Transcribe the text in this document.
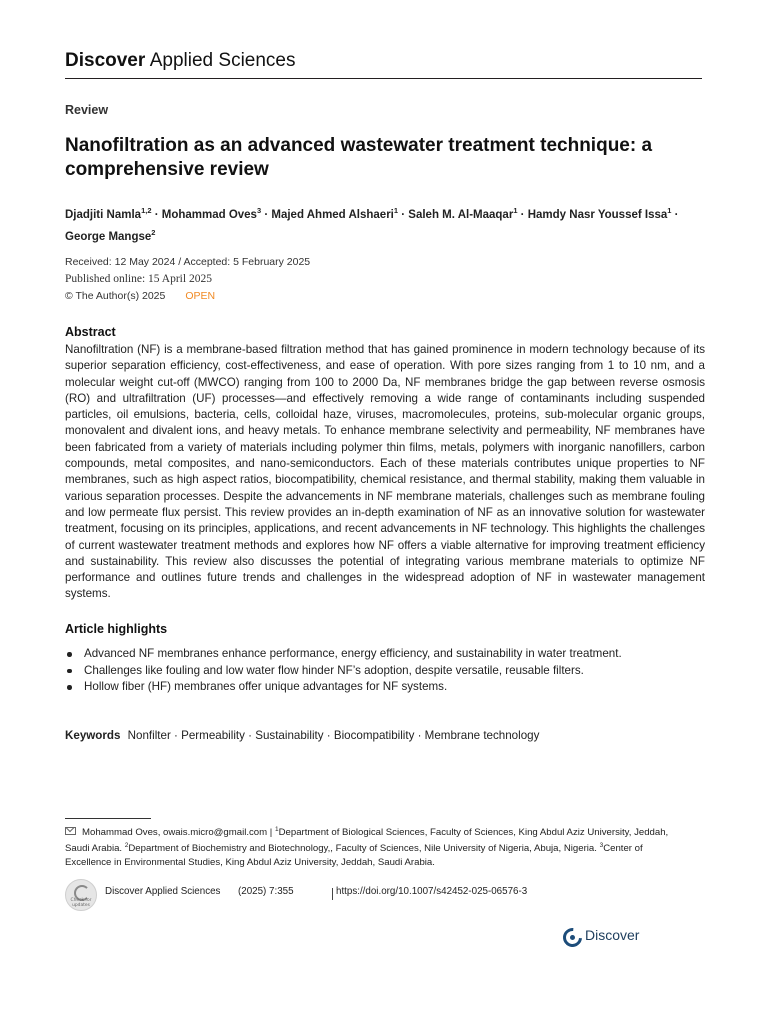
Discover Applied Sciences
Review
Nanofiltration as an advanced wastewater treatment technique: a comprehensive review
Djadjiti Namla$^{1,2}$ · Mohammad Oves$^3$ · Majed Ahmed Alshaeri$^1$ · Saleh M. Al-Maaqar$^1$ · Hamdy Nasr Youssef Issa$^1$ ·
George Mangse$^2$
Received: 12 May 2024 / Accepted: 5 February 2025
Published online: 15 April 2025
© The Author(s) 2025 OPEN
Abstract

Nanofiltration (NF) is a membrane-based filtration method that has gained prominence in modern technology because of its superior separation efficiency, cost-effectiveness, and ease of operation. With pore sizes ranging from 1 to 10 nm, and a molecular weight cut-off (MWCO) ranging from 100 to 2000 Da, NF membranes bridge the gap between reverse osmosis (RO) and ultrafiltration (UF) processes—and effectively removing a wide range of contaminants including suspended particles, oil emulsions, bacteria, cells, colloidal haze, viruses, macromolecules, proteins, sub-molecular organic groups, monovalent and divalent ions, and heavy metals. To enhance membrane selectivity and permeability, NF membranes have been fabricated from a variety of materials including polymer thin films, metals, polymers with inorganic nanofillers, carbon compounds, metal composites, and nano-semiconductors. Each of these materials contributes unique properties to NF membranes, such as high aspect ratios, biocompatibility, chemical resistance, and thermal stability, making them valuable in various separation processes. Despite the advancements in NF membrane materials, challenges such as membrane fouling and low permeate flux persist. This review provides an in-depth examination of NF as an innovative solution for wastewater treatment, focusing on its principles, applications, and recent advancements in NF technology. This highlights the challenges of current wastewater treatment methods and explores how NF offers a viable alternative for improving treatment efficiency and sustainability. This review also discusses the potential of integrating various membrane materials to optimize NF performance and outlines future trends and challenges in the widespread adoption of NF in wastewater management systems.

Article highlights
Advanced NF membranes enhance performance, energy efficiency, and sustainability in water treatment.
Challenges like fouling and low water flow hinder NF’s adoption, despite versatile, reusable filters.
Hollow fiber (HF) membranes offer unique advantages for NF systems.
Keywords Nonfilter · Permeability · Sustainability · Biocompatibility · Membrane technology
Mohammad Oves, owais.micro@gmail.com | $^1$Department of Biological Sciences, Faculty of Sciences, King Abdul Aziz University, Jeddah, Saudi Arabia. $^2$Department of Biochemistry and Biotechnology,, Faculty of Sciences, Nile University of Nigeria, Abuja, Nigeria. $^3$Center of Excellence in Environmental Studies, King Abdul Aziz University, Jeddah, Saudi Arabia.
Check for updates
Discover Applied Sciences (2025) 7:355	https://doi.org/10.1007/s42452-025-06576-3
Discover
